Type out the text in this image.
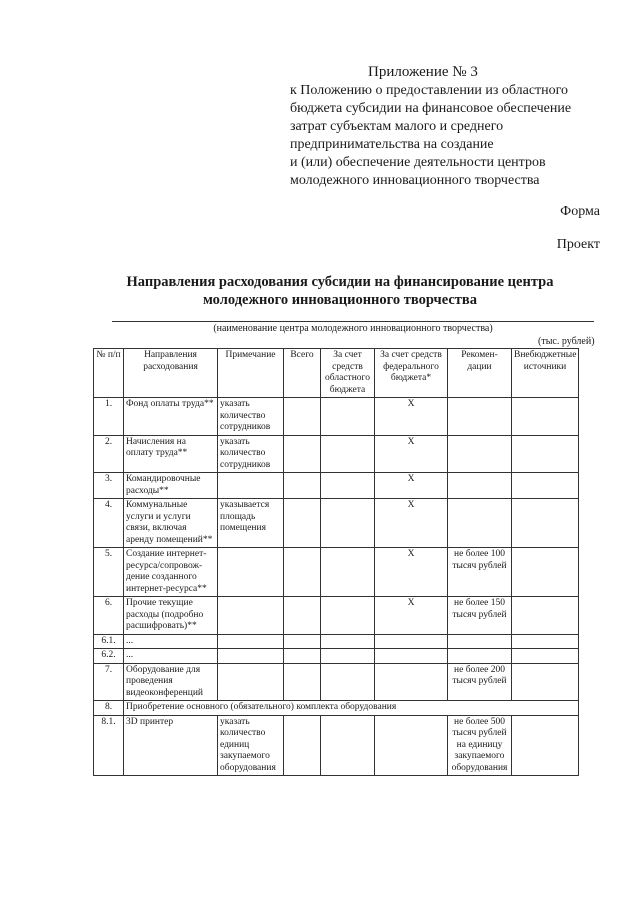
Приложение № 3
к Положению о предоставлении из областного
бюджета субсидии на финансовое обеспечение
затрат субъектам малого и среднего
предпринимательства на создание
и (или) обеспечение деятельности центров
молодежного инновационного творчества
Форма
Проект
Направления расходования субсидии на финансирование центра
молодежного инновационного творчества
(наименование центра молодежного инновационного творчества)
(тыс. рублей)
№ п/п	Направления расходования	Примечание	Всего	За счет средств областного бюджета	За счет средств федерального бюджета*	Рекомен-дации	Внебюджетные источники
1.	Фонд оплаты труда**	указать количество сотрудников			X		
2.	Начисления на оплату труда**	указать количество сотрудников			X		
3.	Командировочные расходы**				X		
4.	Коммунальные услуги и услуги связи, включая аренду помещений**	указывается площадь помещения			X		
5.	Создание интернет-ресурса/сопровож-дение созданного интернет-ресурса**				X	не более 100 тысяч рублей	
6.	Прочие текущие расходы (подробно расшифровать)**				X	не более 150 тысяч рублей	
6.1.	...						
6.2.	...						
7.	Оборудование для проведения видеоконференций					не более 200 тысяч рублей	
8.	Приобретение основного (обязательного) комплекта оборудования						
8.1.	3D принтер	указать количество единиц закупаемого оборудования				не более 500 тысяч рублей на единицу закупаемого оборудования	
